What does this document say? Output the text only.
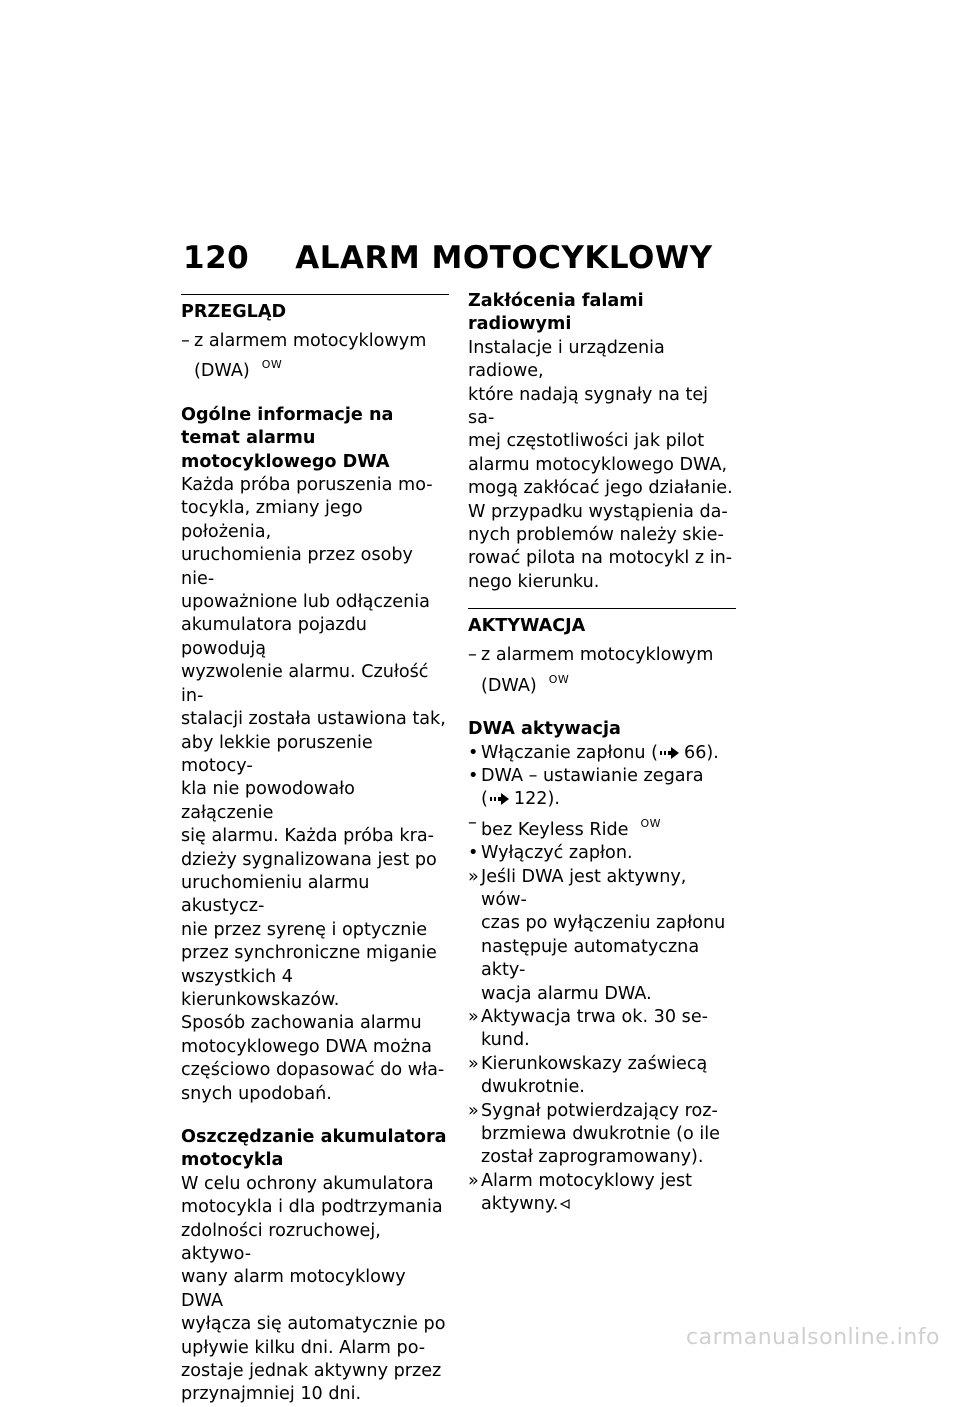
120 ALARM MOTOCYKLOWY
PRZEGLĄD
– z alarmem motocyklowym
(DWA) $^{OW}$
Ogólne informacje na temat alarmu motocyklowego DWA
Każda próba poruszenia mo-
tocykla, zmiany jego położenia,
uruchomienia przez osoby nie-
upoważnione lub odłączenia
akumulatora pojazdu powodują
wyzwolenie alarmu. Czułość in-
stalacji została ustawiona tak,
aby lekkie poruszenie motocy-
kla nie powodowało załączenie
się alarmu. Każda próba kra-
dzieży sygnalizowana jest po
uruchomieniu alarmu akustycz-
nie przez syrenę i optycznie
przez synchroniczne miganie
wszystkich 4 kierunkowskazów.
Sposób zachowania alarmu
motocyklowego DWA można
częściowo dopasować do wła-
snych upodobań.
Oszczędzanie akumulatora
motocykla
W celu ochrony akumulatora
motocykla i dla podtrzymania
zdolności rozruchowej, aktywo-
wany alarm motocyklowy DWA
wyłącza się automatycznie po
upływie kilku dni. Alarm po-
zostaje jednak aktywny przez
przynajmniej 10 dni.
Zakłócenia falami radiowymi
Instalacje i urządzenia radiowe,
które nadają sygnały na tej sa-
mej częstotliwości jak pilot
alarmu motocyklowego DWA,
mogą zakłócać jego działanie.
W przypadku wystąpienia da-
nych problemów należy skie-
rować pilota na motocykl z in-
nego kierunku.
AKTYWACJA
– z alarmem motocyklowym
(DWA) $^{OW}$
DWA aktywacja
• Włączanie zapłonu ( 66).
• DWA – ustawianie zegara
( 122).
– bez Keyless Ride $^{OW}$
• Wyłączyć zapłon.
» Jeśli DWA jest aktywny, wów-
czas po wyłączeniu zapłonu
następuje automatyczna akty-
wacja alarmu DWA.
» Aktywacja trwa ok. 30 se-
kund.
» Kierunkowskazy zaświecą
dwukrotnie.
» Sygnał potwierdzający roz-
brzmiewa dwukrotnie (o ile
został zaprogramowany).
» Alarm motocyklowy jest
aktywny.
carmanualsonline.info
